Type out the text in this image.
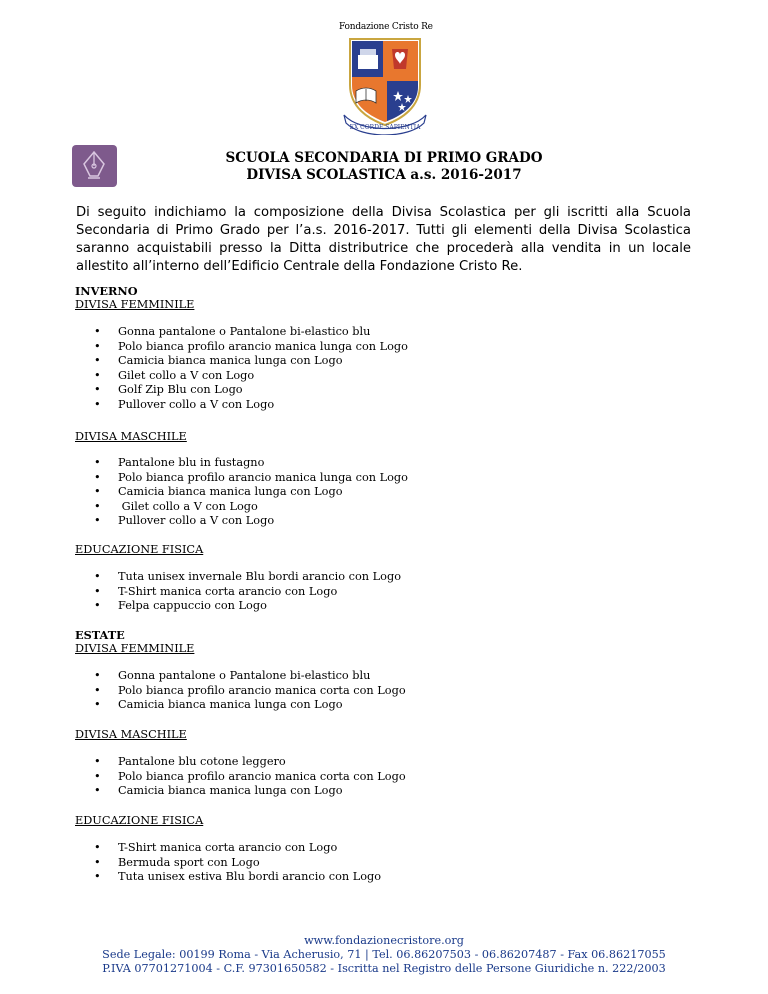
Fondazione Cristo Re
EX CORDE SAPIENTIA
SCUOLA SECONDARIA DI PRIMO GRADO
DIVISA SCOLASTICA a.s. 2016-2017
Di seguito indichiamo la composizione della Divisa Scolastica per gli iscritti alla Scuola Secondaria di Primo Grado per l’a.s. 2016-2017. Tutti gli elementi della Divisa Scolastica saranno acquistabili presso la Ditta distributrice che procederà alla vendita in un locale allestito all’interno dell’Edificio Centrale della Fondazione Cristo Re.
INVERNO
DIVISA FEMMINILE
• Gonna pantalone o Pantalone bi-elastico blu
• Polo bianca profilo arancio manica lunga con Logo
• Camicia bianca manica lunga con Logo
• Gilet collo a V con Logo
• Golf Zip Blu con Logo
• Pullover collo a V con Logo
DIVISA MASCHILE
• Pantalone blu in fustagno
• Polo bianca profilo arancio manica lunga con Logo
• Camicia bianca manica lunga con Logo
•  Gilet collo a V con Logo
• Pullover collo a V con Logo
EDUCAZIONE FISICA
• Tuta unisex invernale Blu bordi arancio con Logo
• T-Shirt manica corta arancio con Logo
• Felpa cappuccio con Logo
ESTATE
DIVISA FEMMINILE
• Gonna pantalone o Pantalone bi-elastico blu
• Polo bianca profilo arancio manica corta con Logo
• Camicia bianca manica lunga con Logo
DIVISA MASCHILE
• Pantalone blu cotone leggero
• Polo bianca profilo arancio manica corta con Logo
• Camicia bianca manica lunga con Logo
EDUCAZIONE FISICA
• T-Shirt manica corta arancio con Logo
• Bermuda sport con Logo
• Tuta unisex estiva Blu bordi arancio con Logo
www.fondazionecristore.org
Sede Legale: 00199 Roma - Via Acherusio, 71 | Tel. 06.86207503 - 06.86207487 - Fax 06.86217055
P.IVA 07701271004 - C.F. 97301650582 - Iscritta nel Registro delle Persone Giuridiche n. 222/2003
